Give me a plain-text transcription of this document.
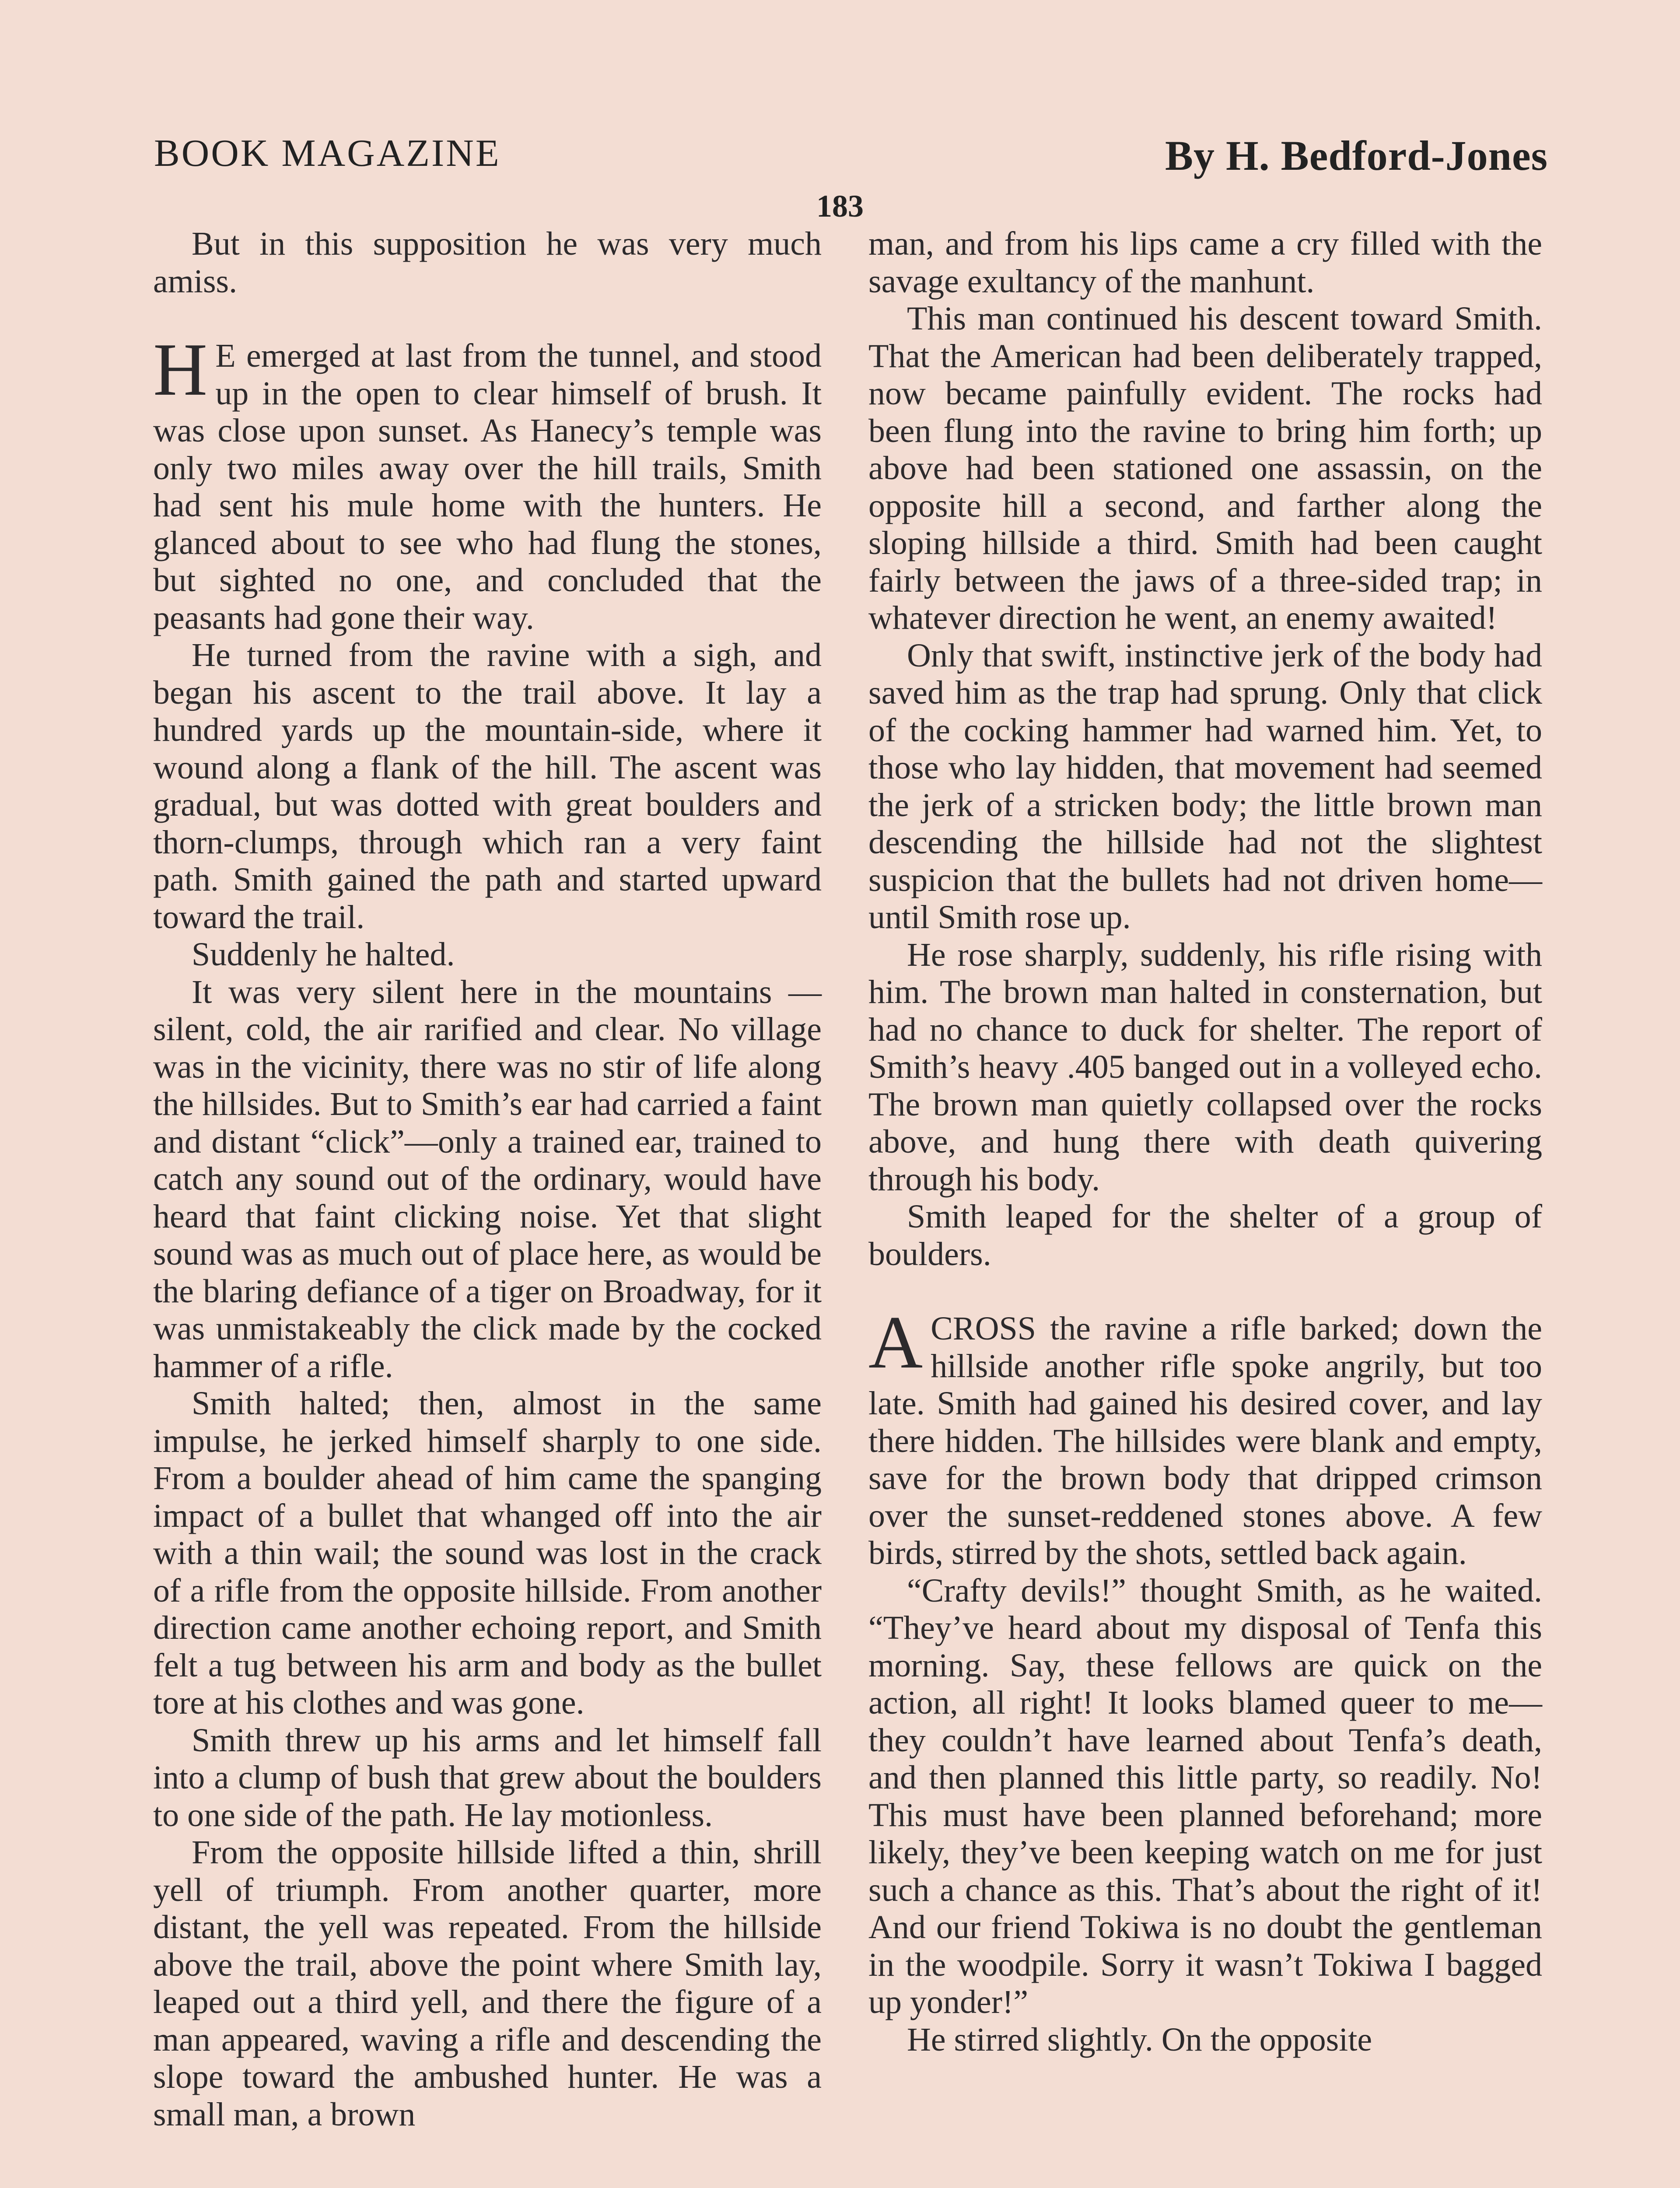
BOOK MAGAZINE	By H. Bedford-Jones
183

But in this supposition he was very much amiss.

H E emerged at last from the tunnel, and stood up in the open to clear himself of brush. It was close upon sunset. As Hanecy’s temple was only two miles away over the hill trails, Smith had sent his mule home with the hunters. He glanced about to see who had flung the stones, but sighted no one, and concluded that the peasants had gone their way.

He turned from the ravine with a sigh, and began his ascent to the trail above. It lay a hundred yards up the mountain-side, where it wound along a flank of the hill. The ascent was gradual, but was dotted with great boulders and thorn-clumps, through which ran a very faint path. Smith gained the path and started upward toward the trail.

Suddenly he halted.

It was very silent here in the mountains —silent, cold, the air rarified and clear. No village was in the vicinity, there was no stir of life along the hillsides. But to Smith’s ear had carried a faint and distant “click”—only a trained ear, trained to catch any sound out of the ordinary, would have heard that faint clicking noise. Yet that slight sound was as much out of place here, as would be the blaring defiance of a tiger on Broadway, for it was unmistakeably the click made by the cocked hammer of a rifle.

Smith halted; then, almost in the same impulse, he jerked himself sharply to one side. From a boulder ahead of him came the spanging impact of a bullet that whanged off into the air with a thin wail; the sound was lost in the crack of a rifle from the opposite hillside. From another direction came another echoing report, and Smith felt a tug between his arm and body as the bullet tore at his clothes and was gone.

Smith threw up his arms and let himself fall into a clump of bush that grew about the boulders to one side of the path. He lay motionless.

From the opposite hillside lifted a thin, shrill yell of triumph. From another quarter, more distant, the yell was repeated. From the hillside above the trail, above the point where Smith lay, leaped out a third yell, and there the figure of a man appeared, waving a rifle and descending the slope toward the ambushed hunter. He was a small man, a brown

man, and from his lips came a cry filled with the savage exultancy of the manhunt.

This man continued his descent toward Smith. That the American had been deliberately trapped, now became painfully evident. The rocks had been flung into the ravine to bring him forth; up above had been stationed one assassin, on the opposite hill a second, and farther along the sloping hillside a third. Smith had been caught fairly between the jaws of a three-sided trap; in whatever direction he went, an enemy awaited!

Only that swift, instinctive jerk of the body had saved him as the trap had sprung. Only that click of the cocking hammer had warned him. Yet, to those who lay hidden, that movement had seemed the jerk of a stricken body; the little brown man descending the hillside had not the slightest suspicion that the bullets had not driven home—until Smith rose up.

He rose sharply, suddenly, his rifle rising with him. The brown man halted in consternation, but had no chance to duck for shelter. The report of Smith’s heavy .405 banged out in a volleyed echo. The brown man quietly collapsed over the rocks above, and hung there with death quivering through his body.

Smith leaped for the shelter of a group of boulders.

ACROSS the ravine a rifle barked; down the hillside another rifle spoke angrily, but too late. Smith had gained his desired cover, and lay there hidden. The hillsides were blank and empty, save for the brown body that dripped crimson over the sunset-reddened stones above. A few birds, stirred by the shots, settled back again.

“Crafty devils!” thought Smith, as he waited. “They’ve heard about my disposal of Tenfa this morning. Say, these fellows are quick on the action, all right! It looks blamed queer to me—they couldn’t have learned about Tenfa’s death, and then planned this little party, so readily. No! This must have been planned beforehand; more likely, they’ve been keeping watch on me for just such a chance as this. That’s about the right of it! And our friend Tokiwa is no doubt the gentleman in the woodpile. Sorry it wasn’t Tokiwa I bagged up yonder!”

He stirred slightly. On the opposite
